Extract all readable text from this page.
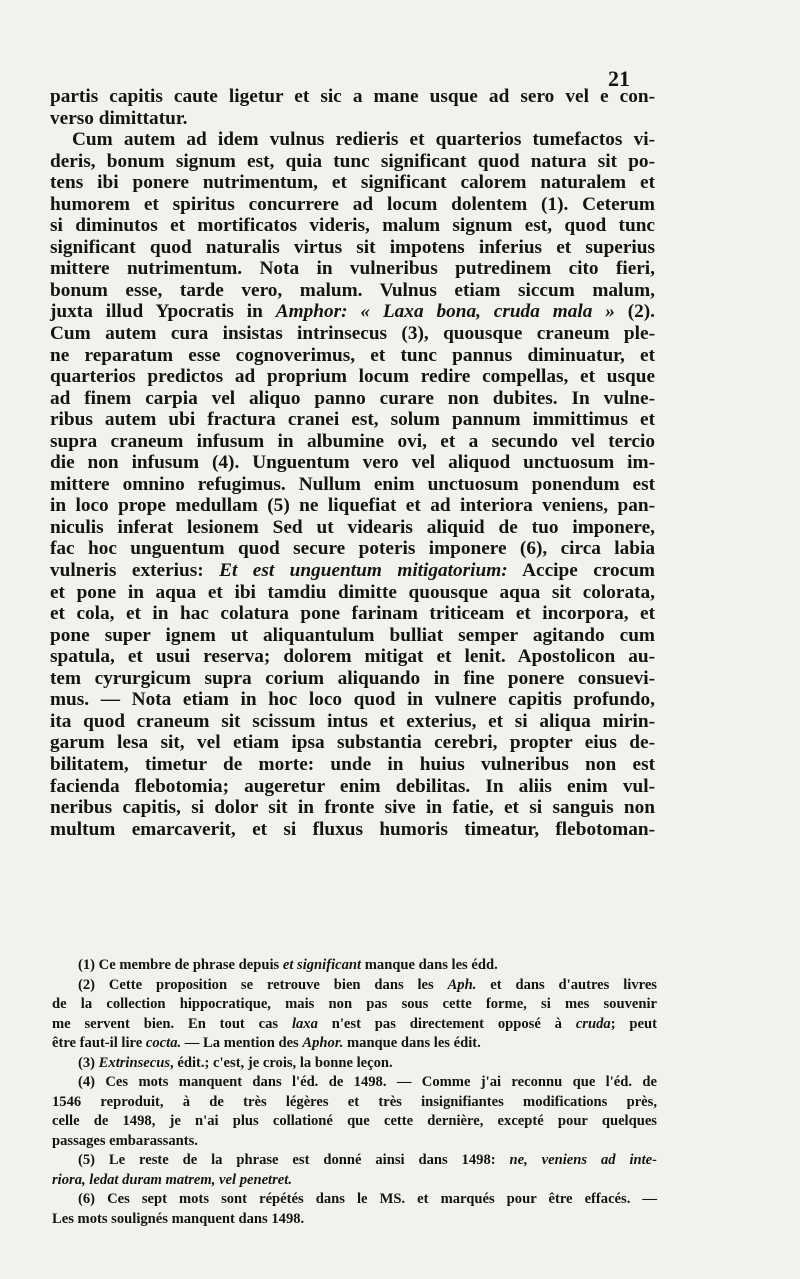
21

partis capitis caute ligetur et sic a mane usque ad sero vel e con-
verso dimittatur.

Cum autem ad idem vulnus redieris et quarterios tumefactos vi-
deris, bonum signum est, quia tunc significant quod natura sit po-
tens ibi ponere nutrimentum, et significant calorem naturalem et
humorem et spiritus concurrere ad locum dolentem (1). Ceterum
si diminutos et mortificatos videris, malum signum est, quod tunc
significant quod naturalis virtus sit impotens inferius et superius
mittere nutrimentum. Nota in vulneribus putredinem cito fieri,
bonum esse, tarde vero, malum. Vulnus etiam siccum malum,
juxta illud Ypocratis in Amphor: « Laxa bona, cruda mala » (2).
Cum autem cura insistas intrinsecus (3), quousque craneum ple-
ne reparatum esse cognoverimus, et tunc pannus diminuatur, et
quarterios predictos ad proprium locum redire compellas, et usque
ad finem carpia vel aliquo panno curare non dubites. In vulne-
ribus autem ubi fractura cranei est, solum pannum immittimus et
supra craneum infusum in albumine ovi, et a secundo vel tercio
die non infusum (4). Unguentum vero vel aliquod unctuosum im-
mittere omnino refugimus. Nullum enim unctuosum ponendum est
in loco prope medullam (5) ne liquefiat et ad interiora veniens, pan-
niculis inferat lesionem Sed ut videaris aliquid de tuo imponere,
fac hoc unguentum quod secure poteris imponere (6), circa labia
vulneris exterius: Et est unguentum mitigatorium: Accipe crocum
et pone in aqua et ibi tamdiu dimitte quousque aqua sit colorata,
et cola, et in hac colatura pone farinam triticeam et incorpora, et
pone super ignem ut aliquantulum bulliat semper agitando cum
spatula, et usui reserva; dolorem mitigat et lenit. Apostolicon au-
tem cyrurgicum supra corium aliquando in fine ponere consuevi-
mus. — Nota etiam in hoc loco quod in vulnere capitis profundo,
ita quod craneum sit scissum intus et exterius, et si aliqua mirin-
garum lesa sit, vel etiam ipsa substantia cerebri, propter eius de-
bilitatem, timetur de morte: unde in huius vulneribus non est
facienda flebotomia; augeretur enim debilitas. In aliis enim vul-
neribus capitis, si dolor sit in fronte sive in fatie, et si sanguis non
multum emarcaverit, et si fluxus humoris timeatur, flebotoman-

(1) Ce membre de phrase depuis et significant manque dans les édd.
(2) Cette proposition se retrouve bien dans les Aph. et dans d'autres livres
de la collection hippocratique, mais non pas sous cette forme, si mes souvenir
me servent bien. En tout cas laxa n'est pas directement opposé à cruda; peut
être faut-il lire cocta. — La mention des Aphor. manque dans les édit.
(3) Extrinsecus, édit.; c'est, je crois, la bonne leçon.
(4) Ces mots manquent dans l'éd. de 1498. — Comme j'ai reconnu que l'éd. de
1546 reproduit, à de très légères et très insignifiantes modifications près,
celle de 1498, je n'ai plus collationé que cette dernière, excepté pour quelques
passages embarassants.
(5) Le reste de la phrase est donné ainsi dans 1498: ne, veniens ad inte-
riora, ledat duram matrem, vel penetret.
(6) Ces sept mots sont répétés dans le MS. et marqués pour être effacés. —
Les mots soulignés manquent dans 1498.
